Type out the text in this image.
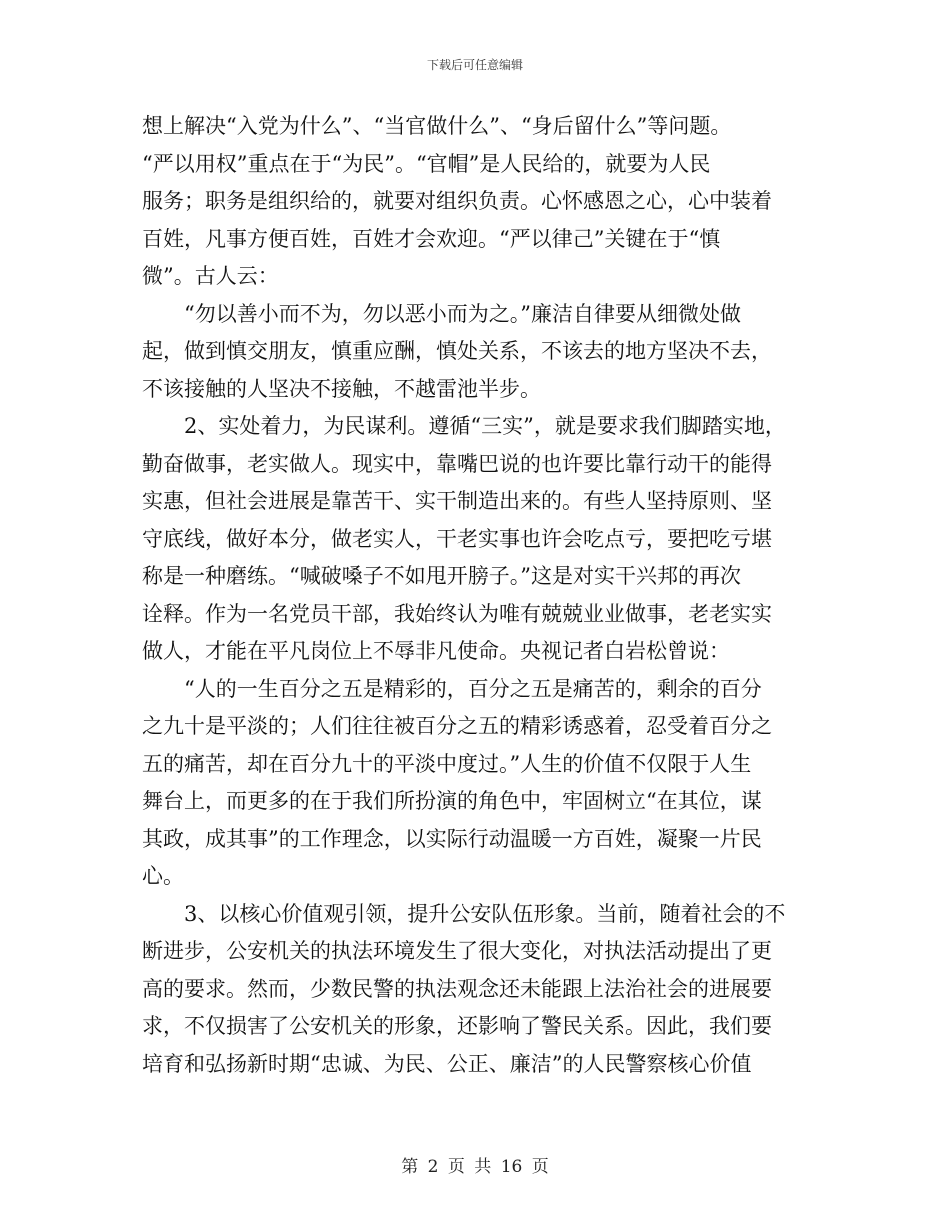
下载后可任意编辑
想上解决“入党为什么”、“当官做什么”、“身后留什么”等问题。
“严以用权”重点在于“为民”。“官帽”是人民给的，就要为人民
服务；职务是组织给的，就要对组织负责。心怀感恩之心，心中装着
百姓，凡事方便百姓，百姓才会欢迎。“严以律己”关键在于“慎
微”。古人云：
“勿以善小而不为，勿以恶小而为之。”廉洁自律要从细微处做
起，做到慎交朋友，慎重应酬，慎处关系，不该去的地方坚决不去，
不该接触的人坚决不接触，不越雷池半步。
2、实处着力，为民谋利。遵循“三实”，就是要求我们脚踏实地，
勤奋做事，老实做人。现实中，靠嘴巴说的也许要比靠行动干的能得
实惠，但社会进展是靠苦干、实干制造出来的。有些人坚持原则、坚
守底线，做好本分，做老实人，干老实事也许会吃点亏，要把吃亏堪
称是一种磨练。“喊破嗓子不如甩开膀子。”这是对实干兴邦的再次
诠释。作为一名党员干部，我始终认为唯有兢兢业业做事，老老实实
做人，才能在平凡岗位上不辱非凡使命。央视记者白岩松曾说：
“人的一生百分之五是精彩的，百分之五是痛苦的，剩余的百分
之九十是平淡的；人们往往被百分之五的精彩诱惑着，忍受着百分之
五的痛苦，却在百分九十的平淡中度过。”人生的价值不仅限于人生
舞台上，而更多的在于我们所扮演的角色中，牢固树立“在其位，谋
其政，成其事”的工作理念，以实际行动温暖一方百姓，凝聚一片民
心。
3、以核心价值观引领，提升公安队伍形象。当前，随着社会的不
断进步，公安机关的执法环境发生了很大变化，对执法活动提出了更
高的要求。然而，少数民警的执法观念还未能跟上法治社会的进展要
求，不仅损害了公安机关的形象，还影响了警民关系。因此，我们要
培育和弘扬新时期“忠诚、为民、公正、廉洁”的人民警察核心价值
第 2 页 共 16 页
